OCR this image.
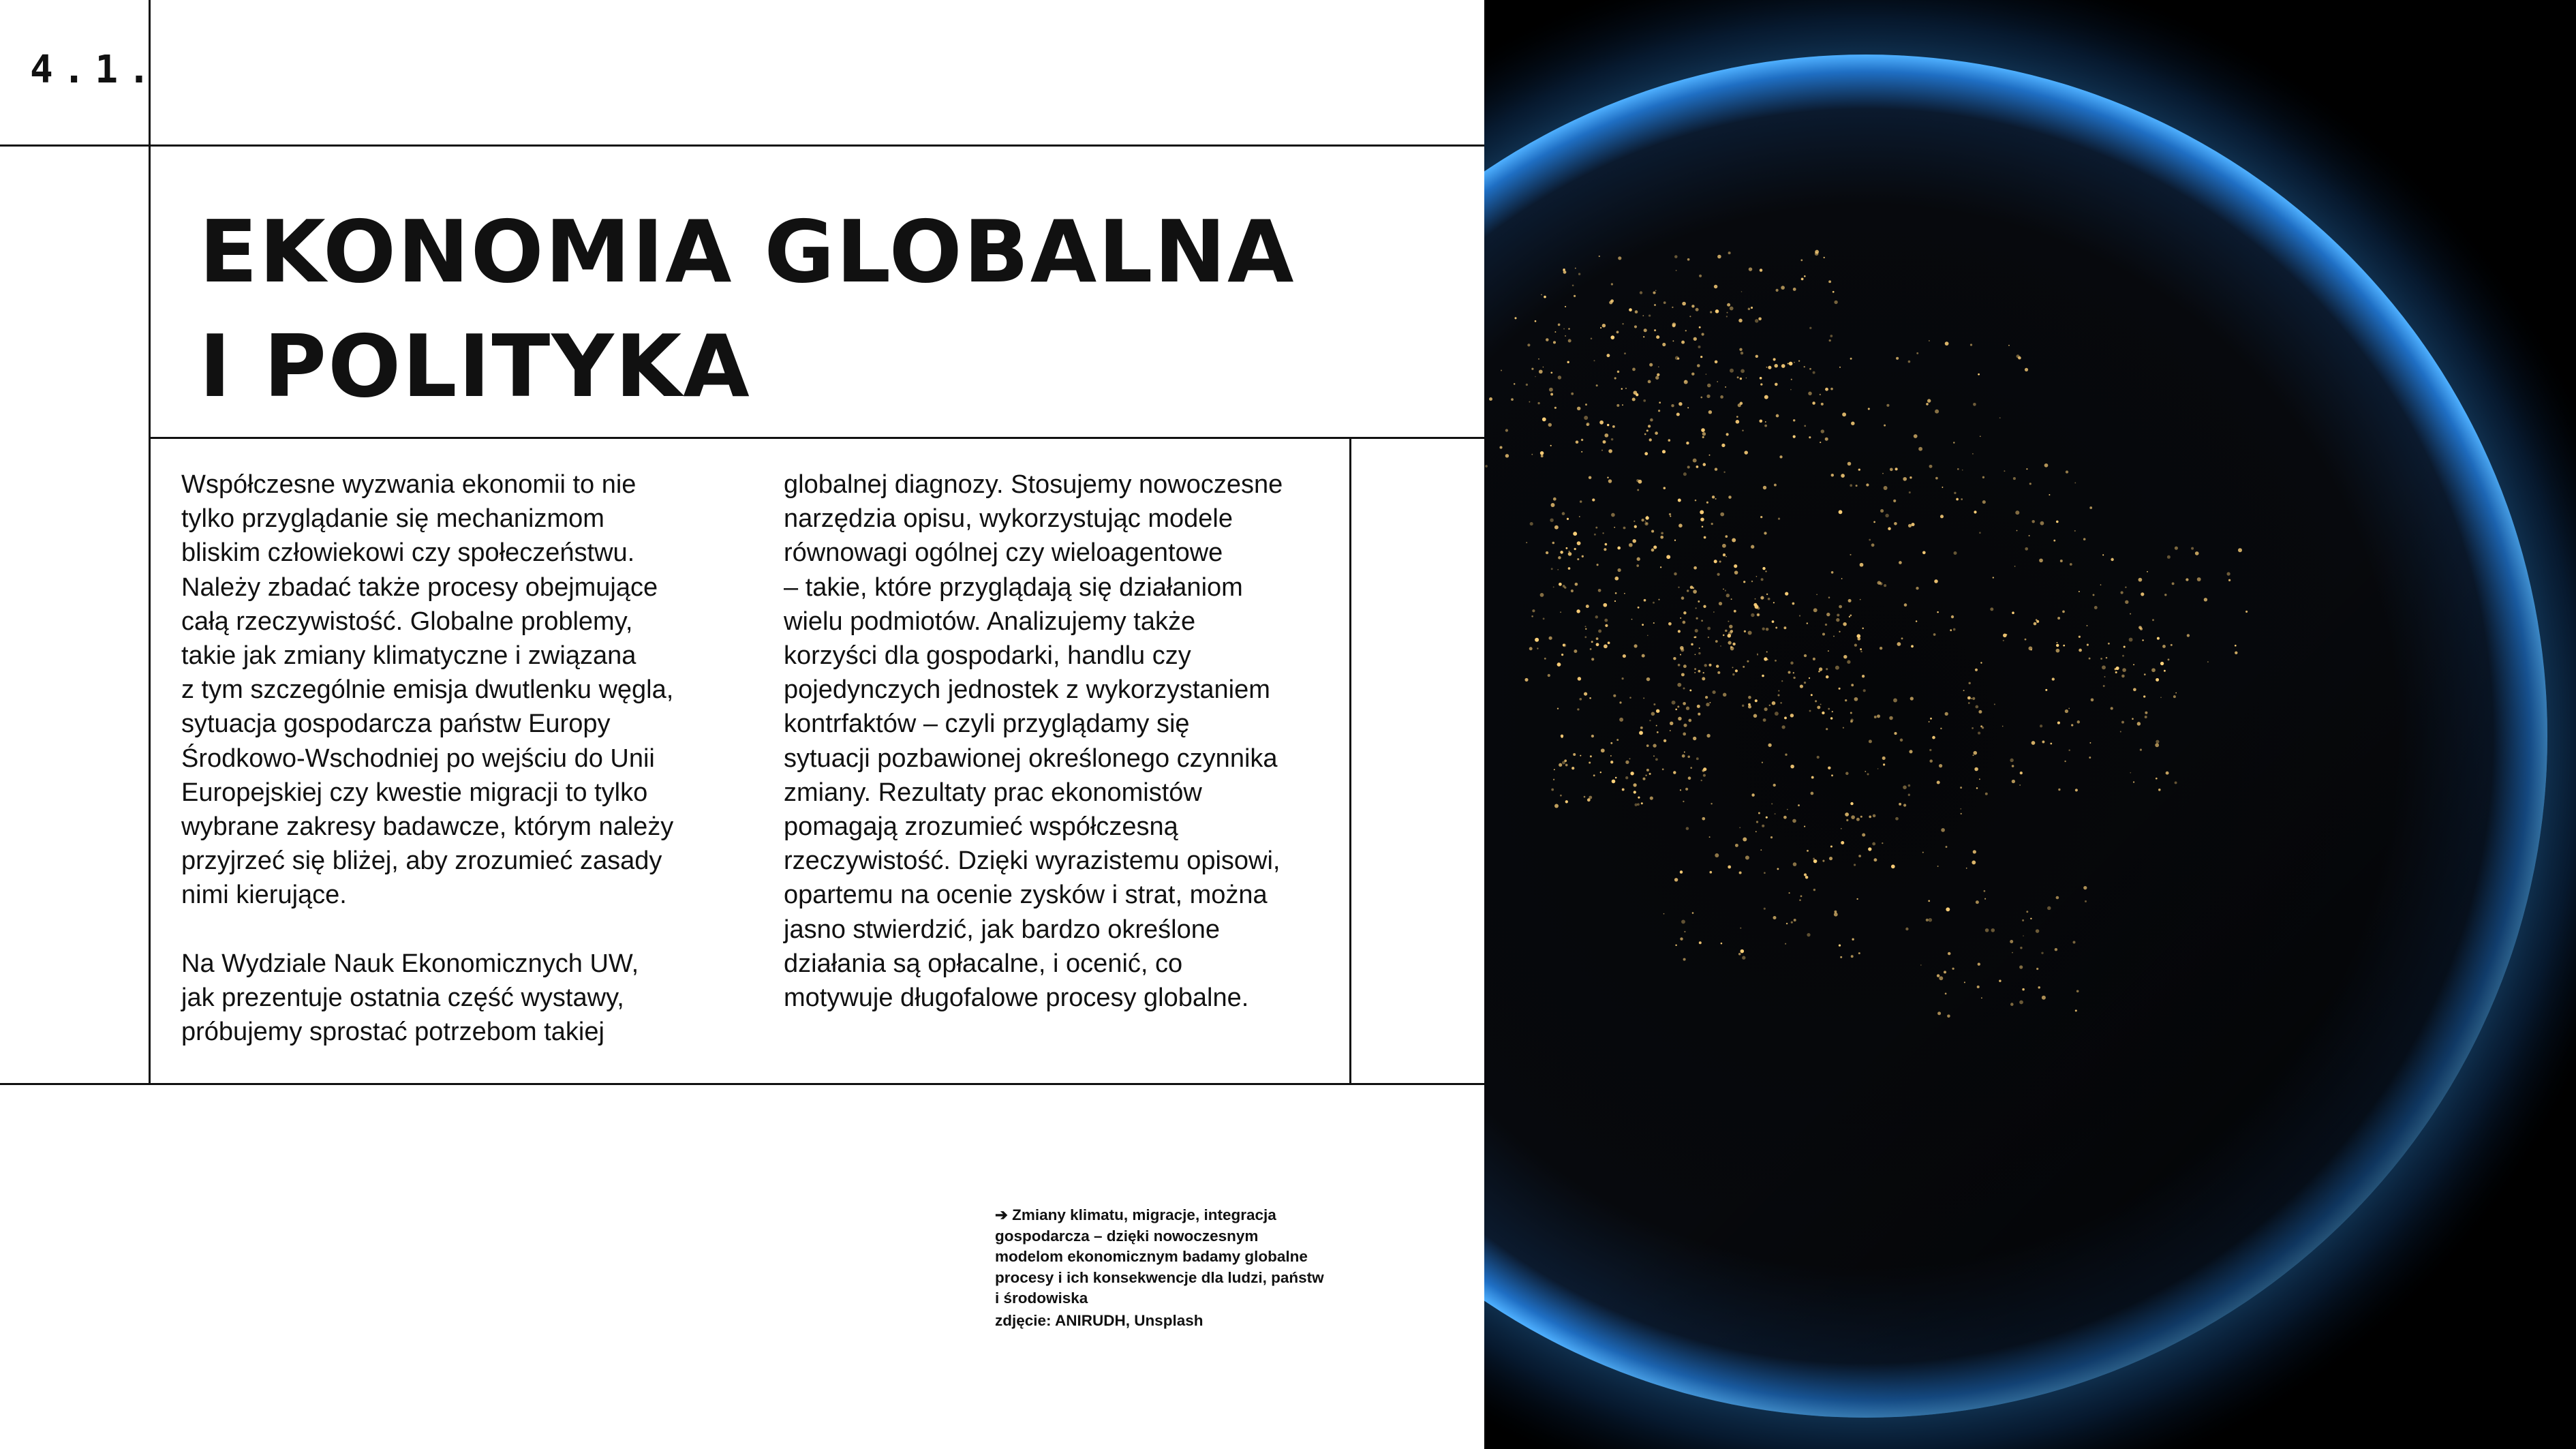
4.1.
EKONOMIA GLOBALNA
I POLITYKA

Współczesne wyzwania ekonomii to nie
tylko przyglądanie się mechanizmom
bliskim człowiekowi czy społeczeństwu.
Należy zbadać także procesy obejmujące
całą rzeczywistość. Globalne problemy,
takie jak zmiany klimatyczne i związana
z tym szczególnie emisja dwutlenku węgla,
sytuacja gospodarcza państw Europy
Środkowo-Wschodniej po wejściu do Unii
Europejskiej czy kwestie migracji to tylko
wybrane zakresy badawcze, którym należy
przyjrzeć się bliżej, aby zrozumieć zasady
nimi kierujące.

Na Wydziale Nauk Ekonomicznych UW,
jak prezentuje ostatnia część wystawy,
próbujemy sprostać potrzebom takiej

globalnej diagnozy. Stosujemy nowoczesne
narzędzia opisu, wykorzystując modele
równowagi ogólnej czy wieloagentowe
– takie, które przyglądają się działaniom
wielu podmiotów. Analizujemy także
korzyści dla gospodarki, handlu czy
pojedynczych jednostek z wykorzystaniem
kontrfaktów – czyli przyglądamy się
sytuacji pozbawionej określonego czynnika
zmiany. Rezultaty prac ekonomistów
pomagają zrozumieć współczesną
rzeczywistość. Dzięki wyrazistemu opisowi,
opartemu na ocenie zysków i strat, można
jasno stwierdzić, jak bardzo określone
działania są opłacalne, i ocenić, co
motywuje długofalowe procesy globalne.

➔ Zmiany klimatu, migracje, integracja
gospodarcza – dzięki nowoczesnym
modelom ekonomicznym badamy globalne
procesy i ich konsekwencje dla ludzi, państw
i środowiska

zdjęcie: ANIRUDH, Unsplash
